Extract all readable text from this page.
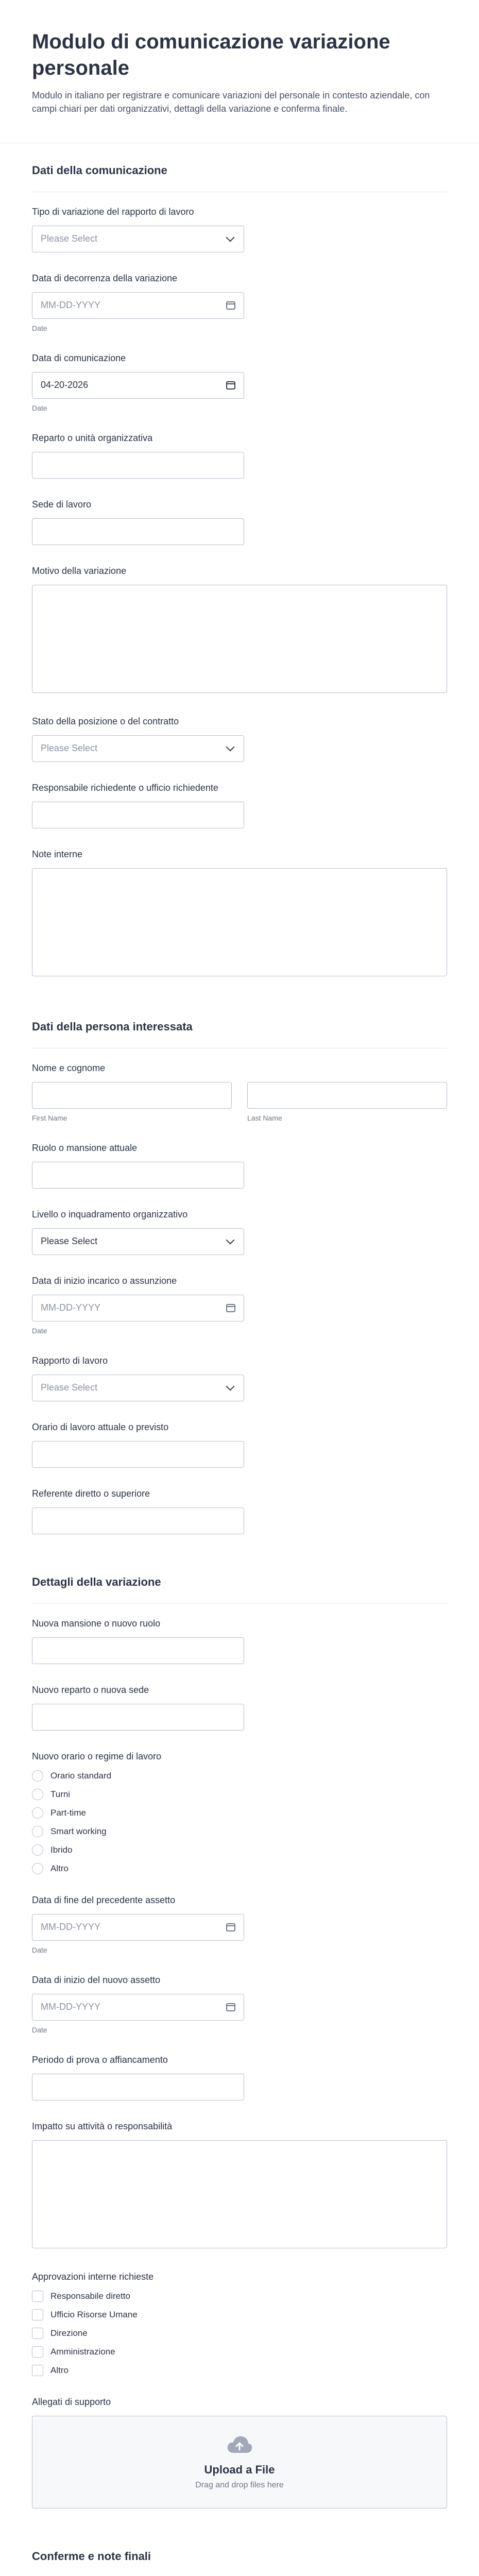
Modulo di comunicazione variazione personale

Modulo in italiano per registrare e comunicare variazioni del personale in contesto aziendale, con campi chiari per dati organizzativi, dettagli della variazione e conferma finale.

Dati della comunicazione
Tipo di variazione del rapporto di lavoro
Please Select
Data di decorrenza della variazione
MM-DD-YYYY
Date
Data di comunicazione
04-20-2026
Date
Reparto o unità organizzativa
Sede di lavoro
Motivo della variazione
Stato della posizione o del contratto
Please Select
Responsabile richiedente o ufficio richiedente
Note interne
Dati della persona interessata
Nome e cognome
First Name	Last Name
Ruolo o mansione attuale
Livello o inquadramento organizzativo
Please Select
Data di inizio incarico o assunzione
MM-DD-YYYY
Date
Rapporto di lavoro
Please Select
Orario di lavoro attuale o previsto
Referente diretto o superiore
Dettagli della variazione
Nuova mansione o nuovo ruolo
Nuovo reparto o nuova sede
Nuovo orario o regime di lavoro
Orario standard
Turni
Part-time
Smart working
Ibrido
Altro
Data di fine del precedente assetto
MM-DD-YYYY
Date
Data di inizio del nuovo assetto
MM-DD-YYYY
Date
Periodo di prova o affiancamento
Impatto su attività o responsabilità
Approvazioni interne richieste
Responsabile diretto
Ufficio Risorse Umane
Direzione
Amministrazione
Altro
Allegati di supporto
Upload a File
Drag and drop files here
Conferme e note finali
